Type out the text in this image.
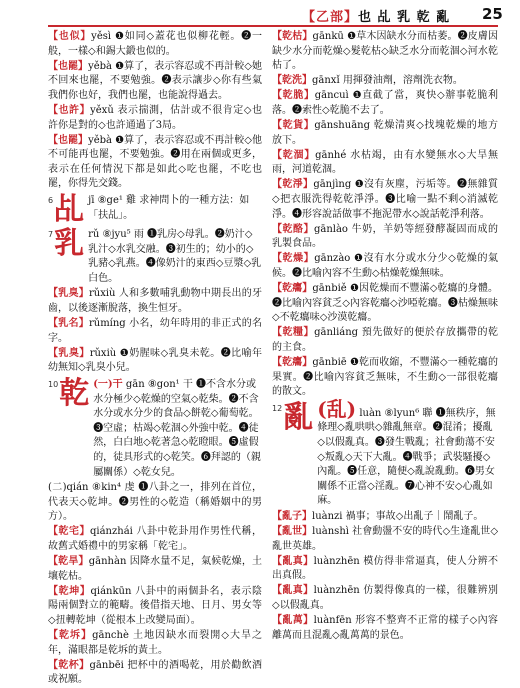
【乙部】也 乩 乳 乾 亂 25
【也似】yěsì ❶如同◇蓋花也似柳花輕。❷一般，一樣◇和錫大鍛也似的。
【也罷】yěbà ❶算了，表示容忍或不再計較◇她不回來也罷，不要勉強。❷表示讓步◇你有些氣我們你也好，我們也罷，也能說得過去。
【也許】yěxǔ 表示揣測，估計或不很肯定◇也許你是對的◇也許通過了3局。
【也罷】yěbà ❶算了，表示容忍或不再計較◇他不可能再也罷，不要勉強。❷用在兩個或更多，表示在任何情況下都是如此◇吃也罷，不吃也罷，你得先交錢。
6 乩 jī ⑧ge¹ 雞 求神問卜的一種方法：如「扶乩」。
7 乳 rǔ ⑧jyu⁵ 雨 ❶乳房◇母乳。❷奶汁◇乳汁◇水乳交融。❸初生的；幼小的◇乳豬◇乳燕。❹像奶汁的東西◇豆漿◇乳白色。
【乳臭】rǔxiù 人和多數哺乳動物中期長出的牙齒，以後逐漸脫落，換生恒牙。
【乳名】rǔmíng 小名，幼年時用的非正式的名字。
【乳臭】rǔxiù ❶奶腥味◇乳臭未乾。❷比喻年幼無知◇乳臭小兒。
10 乾 (一)干 gān ⑧gon¹ 干 ❶不含水分或水分極少◇乾燥的空氣◇乾柴。❷不含水分或水分少的食品◇餅乾◇葡萄乾。❸空虛；枯竭◇乾涸◇外強中乾。❹徒然，白白地◇乾著急◇乾瞪眼。❺虛假的，徒具形式的◇乾笑。❻拜認的（親屬關係）◇乾女兒。
(二)qián ⑧kin⁴ 虔 ❶八卦之一，排列在首位，代表天◇乾坤。❷男性的◇乾造（稱婚姻中的男方）。
【乾宅】qiánzhái 八卦中乾卦用作男性代稱，故舊式婚禮中的男家稱「乾宅」。
【乾旱】gānhàn 因降水量不足，氣候乾燥，土壤乾枯。
【乾坤】qiánkūn 八卦中的兩個卦名，表示陰陽兩個對立的範疇。後借指天地、日月、男女等◇扭轉乾坤（從根本上改變局面）。
【乾坼】gānchè 土地因缺水而裂開◇大旱之年，滿眼都是乾坼的黃土。
【乾杯】gānbēi 把杯中的酒喝乾，用於勸飲酒或祝願。
【乾枯】gānkū ❶草木因缺水分而枯萎。❷皮膚因缺少水分而乾燥◇髮乾枯◇缺乏水分而乾涸◇河水乾枯了。
【乾洗】gānxǐ 用揮發油劑，溶劑洗衣物。
【乾脆】gāncuì ❶直截了當，爽快◇辦事乾脆利落。❷索性◇乾脆不去了。
【乾貨】gānshuāng 乾燥清爽◇找塊乾燥的地方放下。
【乾涸】gānhé 水枯竭，由有水變無水◇大旱無雨，河道乾涸。
【乾淨】gānjìng ❶沒有灰塵，污垢等。❷無雜質◇把衣服洗得乾乾淨淨。❸比喻一點不剩◇消滅乾淨。❹形容說話做事不拖泥帶水◇說話乾淨利落。
【乾酪】gānlào 牛奶，羊奶等經發酵凝固而成的乳製食品。
【乾燥】gānzào ❶沒有水分或水分少◇乾燥的氣候。❷比喻內容不生動◇枯燥乾燥無味。
【乾癟】gānbiě ❶因乾燥而不豐滿◇乾癟的身體。❷比喻內容貧乏◇內容乾癟◇沙啞乾癟。❸枯燥無味◇不乾癟味◇沙漠乾癟。
【乾糧】gānliáng 預先做好的便於存放攜帶的乾的主食。
【乾癟】gānbiē ❶乾而收縮，不豐滿◇一種乾癟的果實。❷比喻內容貧乏無味，不生動◇一部很乾癟的散文。
12 亂 (乱) luàn ⑧lyun⁶ 聯 ❶無秩序，無條理◇亂哄哄◇雜亂無章。❷混淆；擾亂◇以假亂真。❸發生戰亂；社會動蕩不安◇叛亂◇天下大亂。❹戰爭；武裝騷擾◇內亂。❺任意，隨便◇亂說亂動。❻男女關係不正當◇淫亂。❼心神不安◇心亂如麻。
【亂子】luànzi 禍事；事故◇出亂子｜鬧亂子。
【亂世】luànshì 社會動盪不安的時代◇生逢亂世◇亂世英雄。
【亂真】luànzhēn 模仿得非常逼真，使人分辨不出真假。
【亂真】luànzhēn 仿製得像真的一樣，很難辨別◇以假亂真。
【亂萬】luànfēn 形容不整齊不正常的樣子◇內容離萬而且混亂◇亂萬萬的景色。
